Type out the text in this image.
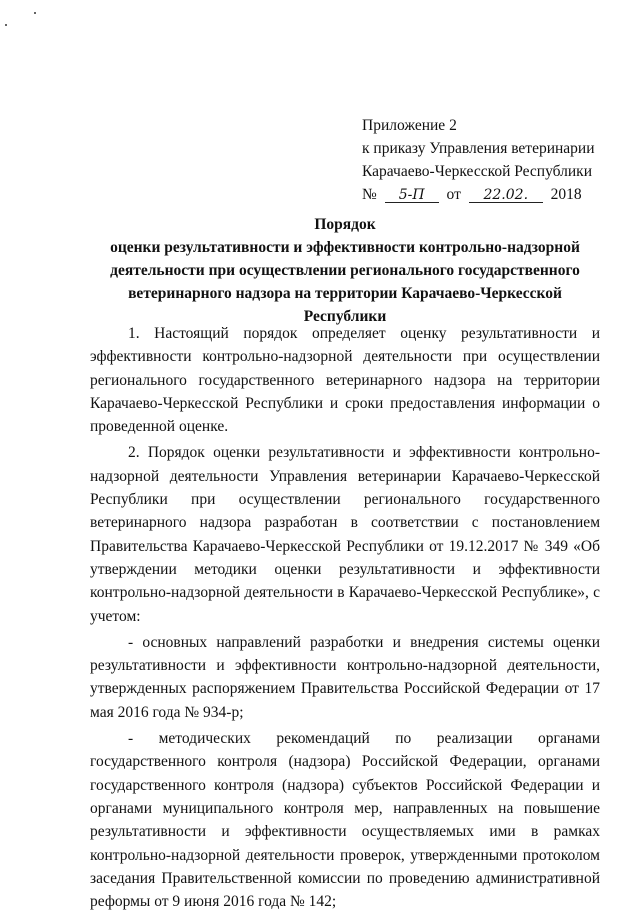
Приложение 2
к приказу Управления ветеринарии
Карачаево-Черкесской Республики
№ 5-П от 22.02. 2018
Порядок
оценки результативности и эффективности контрольно-надзорной деятельности при осуществлении регионального государственного ветеринарного надзора на территории Карачаево-Черкесской Республики

1. Настоящий порядок определяет оценку результативности и эффективности контрольно-надзорной деятельности при осуществлении регионального государственного ветеринарного надзора на территории Карачаево-Черкесской Республики и сроки предоставления информации о проведенной оценке.

2. Порядок оценки результативности и эффективности контрольно-надзорной деятельности Управления ветеринарии Карачаево-Черкесской Республики при осуществлении регионального государственного ветеринарного надзора разработан в соответствии с постановлением Правительства Карачаево-Черкесской Республики от 19.12.2017 № 349 «Об утверждении методики оценки результативности и эффективности контрольно-надзорной деятельности в Карачаево-Черкесской Республике», с учетом:

- основных направлений разработки и внедрения системы оценки результативности и эффективности контрольно-надзорной деятельности, утвержденных распоряжением Правительства Российской Федерации от 17 мая 2016 года № 934-р;

- методических рекомендаций по реализации органами государственного контроля (надзора) Российской Федерации, органами государственного контроля (надзора) субъектов Российской Федерации и органами муниципального контроля мер, направленных на повышение результативности и эффективности осуществляемых ими в рамках контрольно-надзорной деятельности проверок, утвержденными протоколом заседания Правительственной комиссии по проведению административной реформы от 9 июня 2016 года № 142;
